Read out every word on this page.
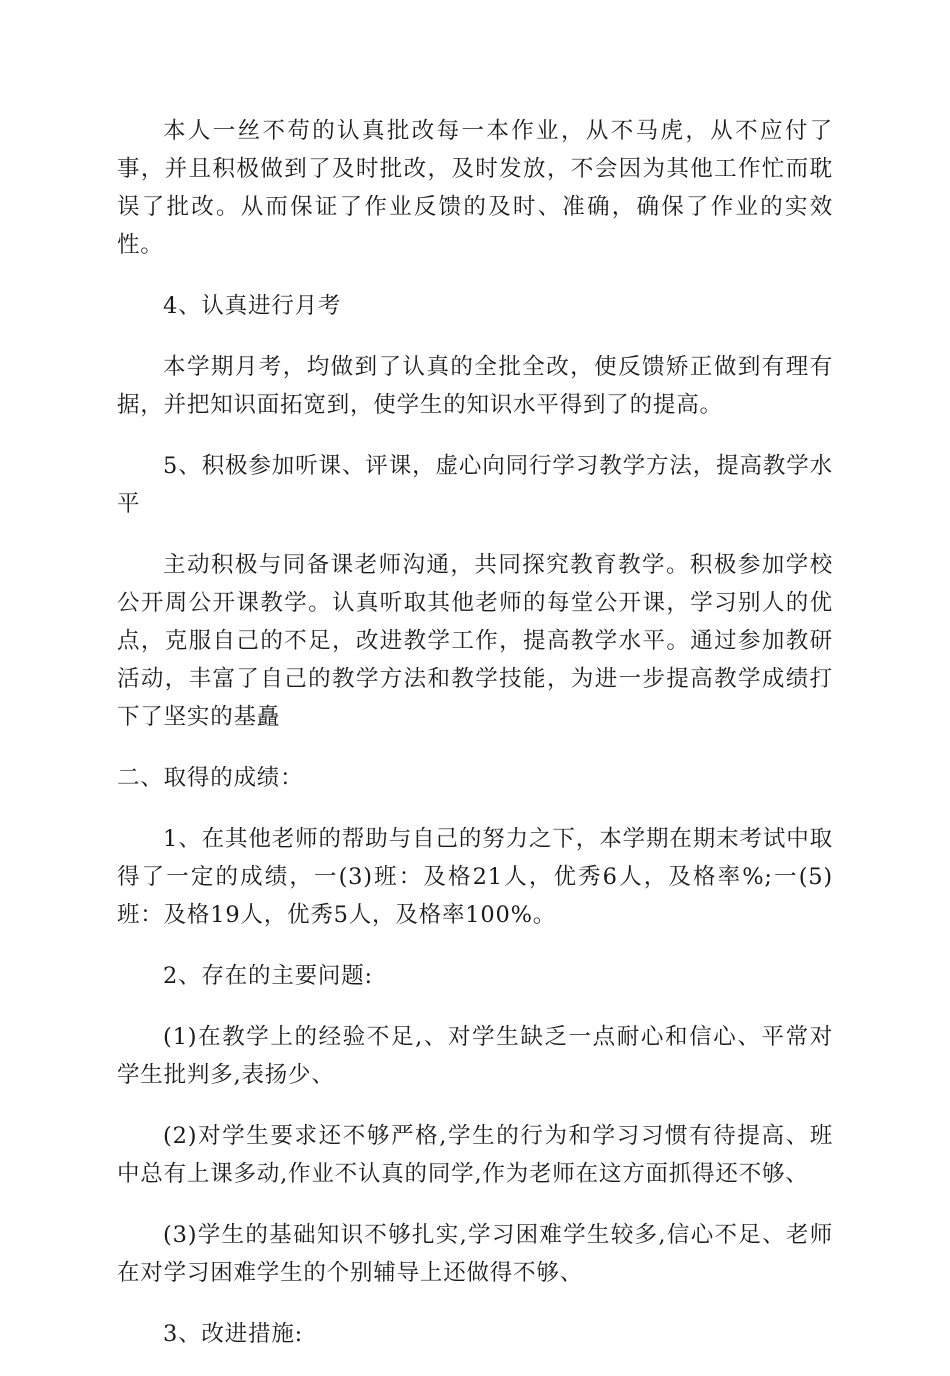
本人一丝不苟的认真批改每一本作业，从不马虎，从不应付了事，并且积极做到了及时批改，及时发放，不会因为其他工作忙而耽误了批改。从而保证了作业反馈的及时、准确，确保了作业的实效性。

4、认真进行月考

本学期月考，均做到了认真的全批全改，使反馈矫正做到有理有据，并把知识面拓宽到，使学生的知识水平得到了的提高。

5、积极参加听课、评课，虚心向同行学习教学方法，提高教学水平

主动积极与同备课老师沟通，共同探究教育教学。积极参加学校公开周公开课教学。认真听取其他老师的每堂公开课，学习别人的优点，克服自己的不足，改进教学工作，提高教学水平。通过参加教研活动，丰富了自己的教学方法和教学技能，为进一步提高教学成绩打下了坚实的基矗

二、取得的成绩：

1、在其他老师的帮助与自己的努力之下，本学期在期末考试中取得了一定的成绩，一(3)班：及格21人，优秀6人，及格率%;一(5)班：及格19人，优秀5人，及格率100%。

2、存在的主要问题:

(1)在教学上的经验不足,、对学生缺乏一点耐心和信心、平常对学生批判多,表扬少、

(2)对学生要求还不够严格,学生的行为和学习习惯有待提高、班中总有上课多动,作业不认真的同学,作为老师在这方面抓得还不够、

(3)学生的基础知识不够扎实,学习困难学生较多,信心不足、老师在对学习困难学生的个别辅导上还做得不够、

3、改进措施:
